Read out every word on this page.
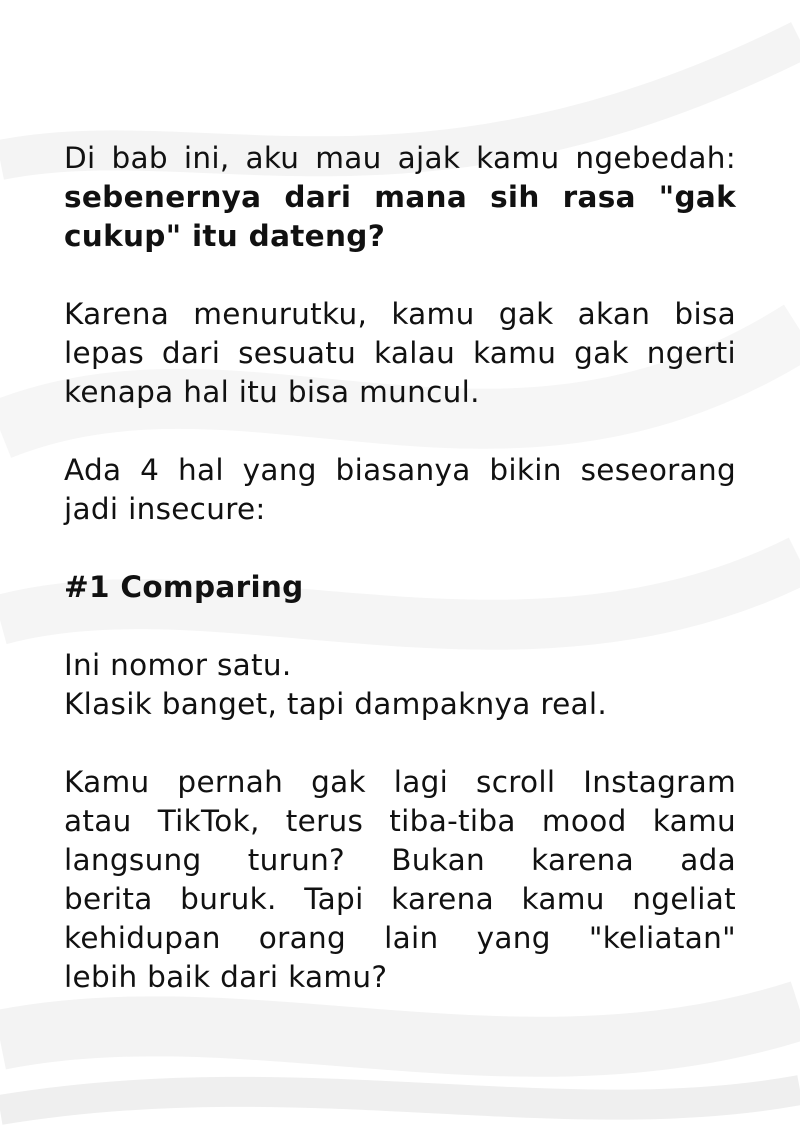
Di bab ini, aku mau ajak kamu ngebedah:
sebenernya dari mana sih rasa "gak
cukup" itu dateng?
Karena menurutku, kamu gak akan bisa
lepas dari sesuatu kalau kamu gak ngerti
kenapa hal itu bisa muncul.
Ada 4 hal yang biasanya bikin seseorang
jadi insecure:
#1 Comparing
Ini nomor satu.
Klasik banget, tapi dampaknya real.
Kamu pernah gak lagi scroll Instagram
atau TikTok, terus tiba-tiba mood kamu
langsung turun? Bukan karena ada
berita buruk. Tapi karena kamu ngeliat
kehidupan orang lain yang "keliatan"
lebih baik dari kamu?
